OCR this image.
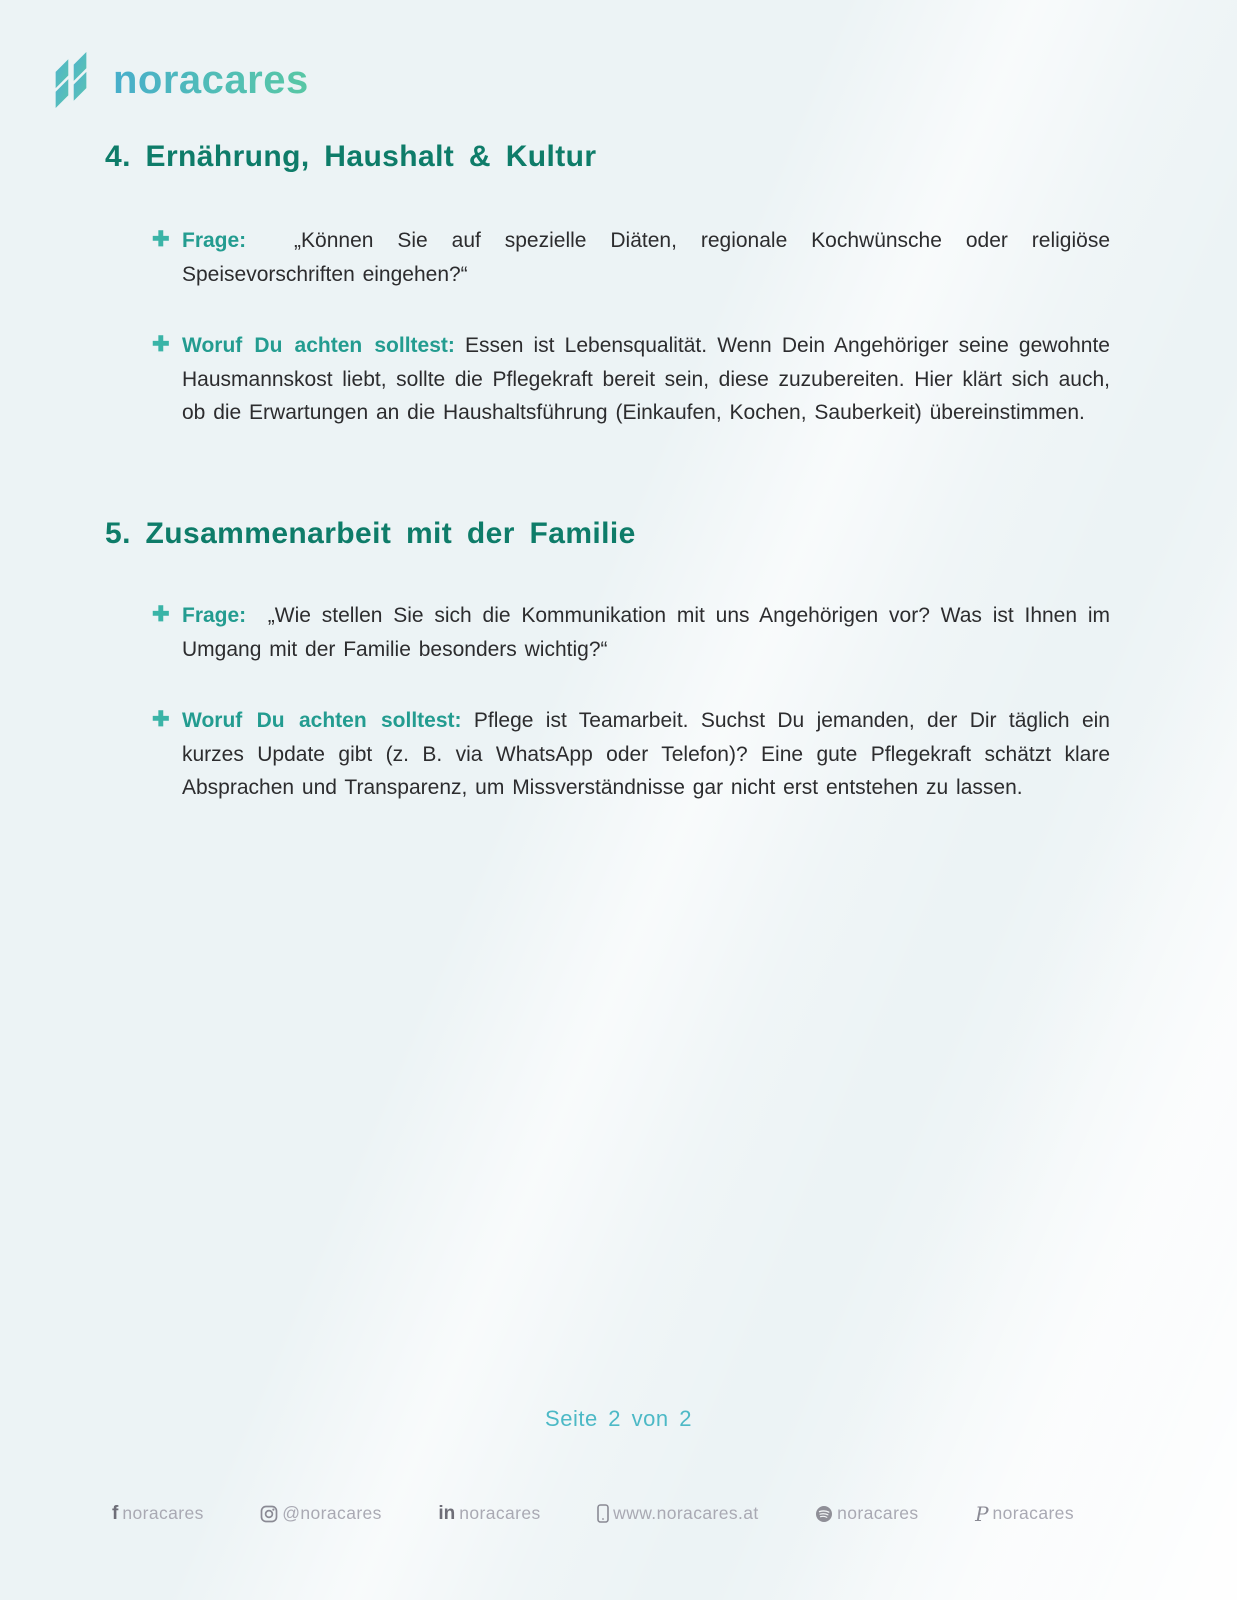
noracares
4. Ernährung, Haushalt & Kultur
✚ Frage: „Können Sie auf spezielle Diäten, regionale Kochwünsche oder religiöse Speisevorschriften eingehen?“

✚ Woruf Du achten solltest: Essen ist Lebensqualität. Wenn Dein Angehöriger seine gewohnte Hausmannskost liebt, sollte die Pflegekraft bereit sein, diese zuzubereiten. Hier klärt sich auch, ob die Erwartungen an die Haushaltsführung (Einkaufen, Kochen, Sauberkeit) übereinstimmen.

5. Zusammenarbeit mit der Familie
✚ Frage: „Wie stellen Sie sich die Kommunikation mit uns Angehörigen vor? Was ist Ihnen im Umgang mit der Familie besonders wichtig?“

✚ Woruf Du achten solltest: Pflege ist Teamarbeit. Suchst Du jemanden, der Dir täglich ein kurzes Update gibt (z. B. via WhatsApp oder Telefon)? Eine gute Pflegekraft schätzt klare Absprachen und Transparenz, um Missverständnisse gar nicht erst entstehen zu lassen.

Seite 2 von 2
f noracares	@noracares	in noracares	www.noracares.at	noracares	P noracares
